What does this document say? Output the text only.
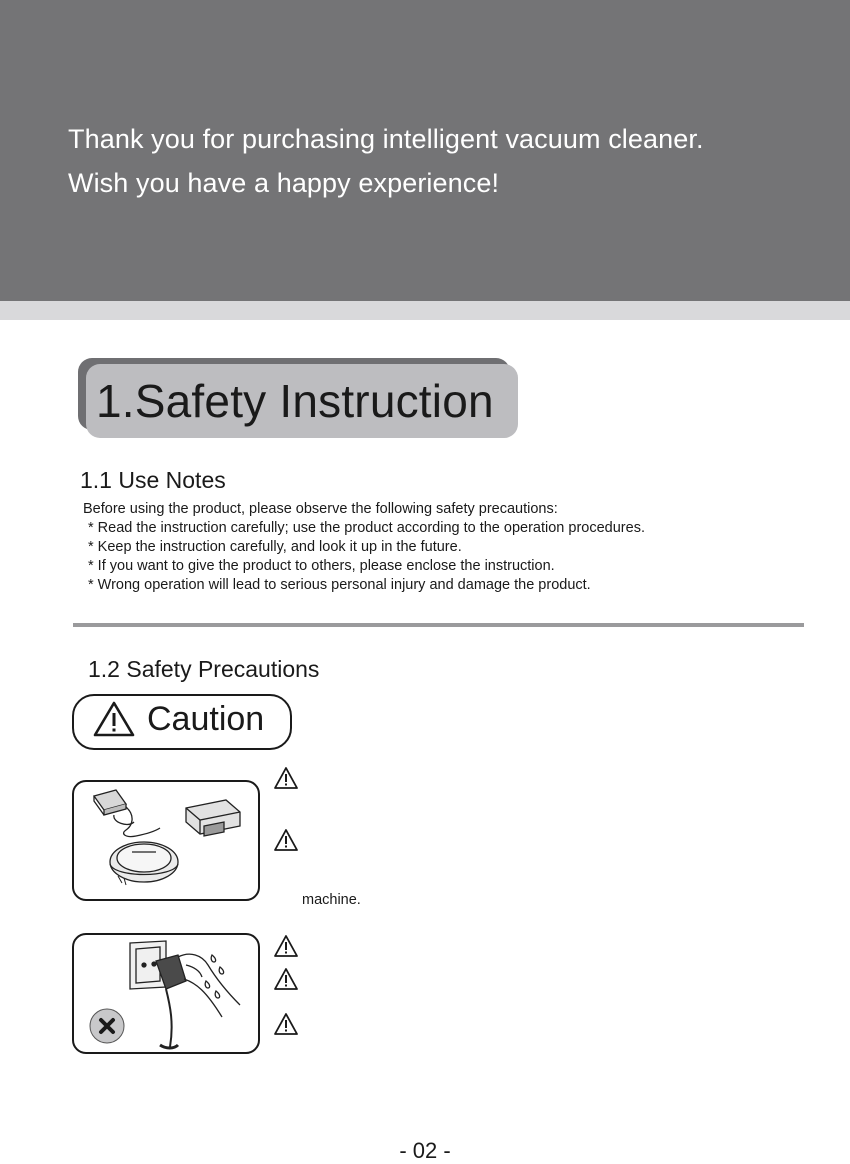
Thank you for purchasing intelligent vacuum cleaner.
Wish you have a happy experience!
1.Safety Instruction
1.1 Use Notes
Before using the product, please observe the following safety precautions:
* Read the instruction carefully; use the product according to the operation procedures.
* Keep the instruction carefully, and look it up in the future.
* If you want to give the product to others, please enclose the instruction.
* Wrong operation will lead to serious personal injury and damage the product.
1.2 Safety Precautions
Caution
machine.
- 02 -
